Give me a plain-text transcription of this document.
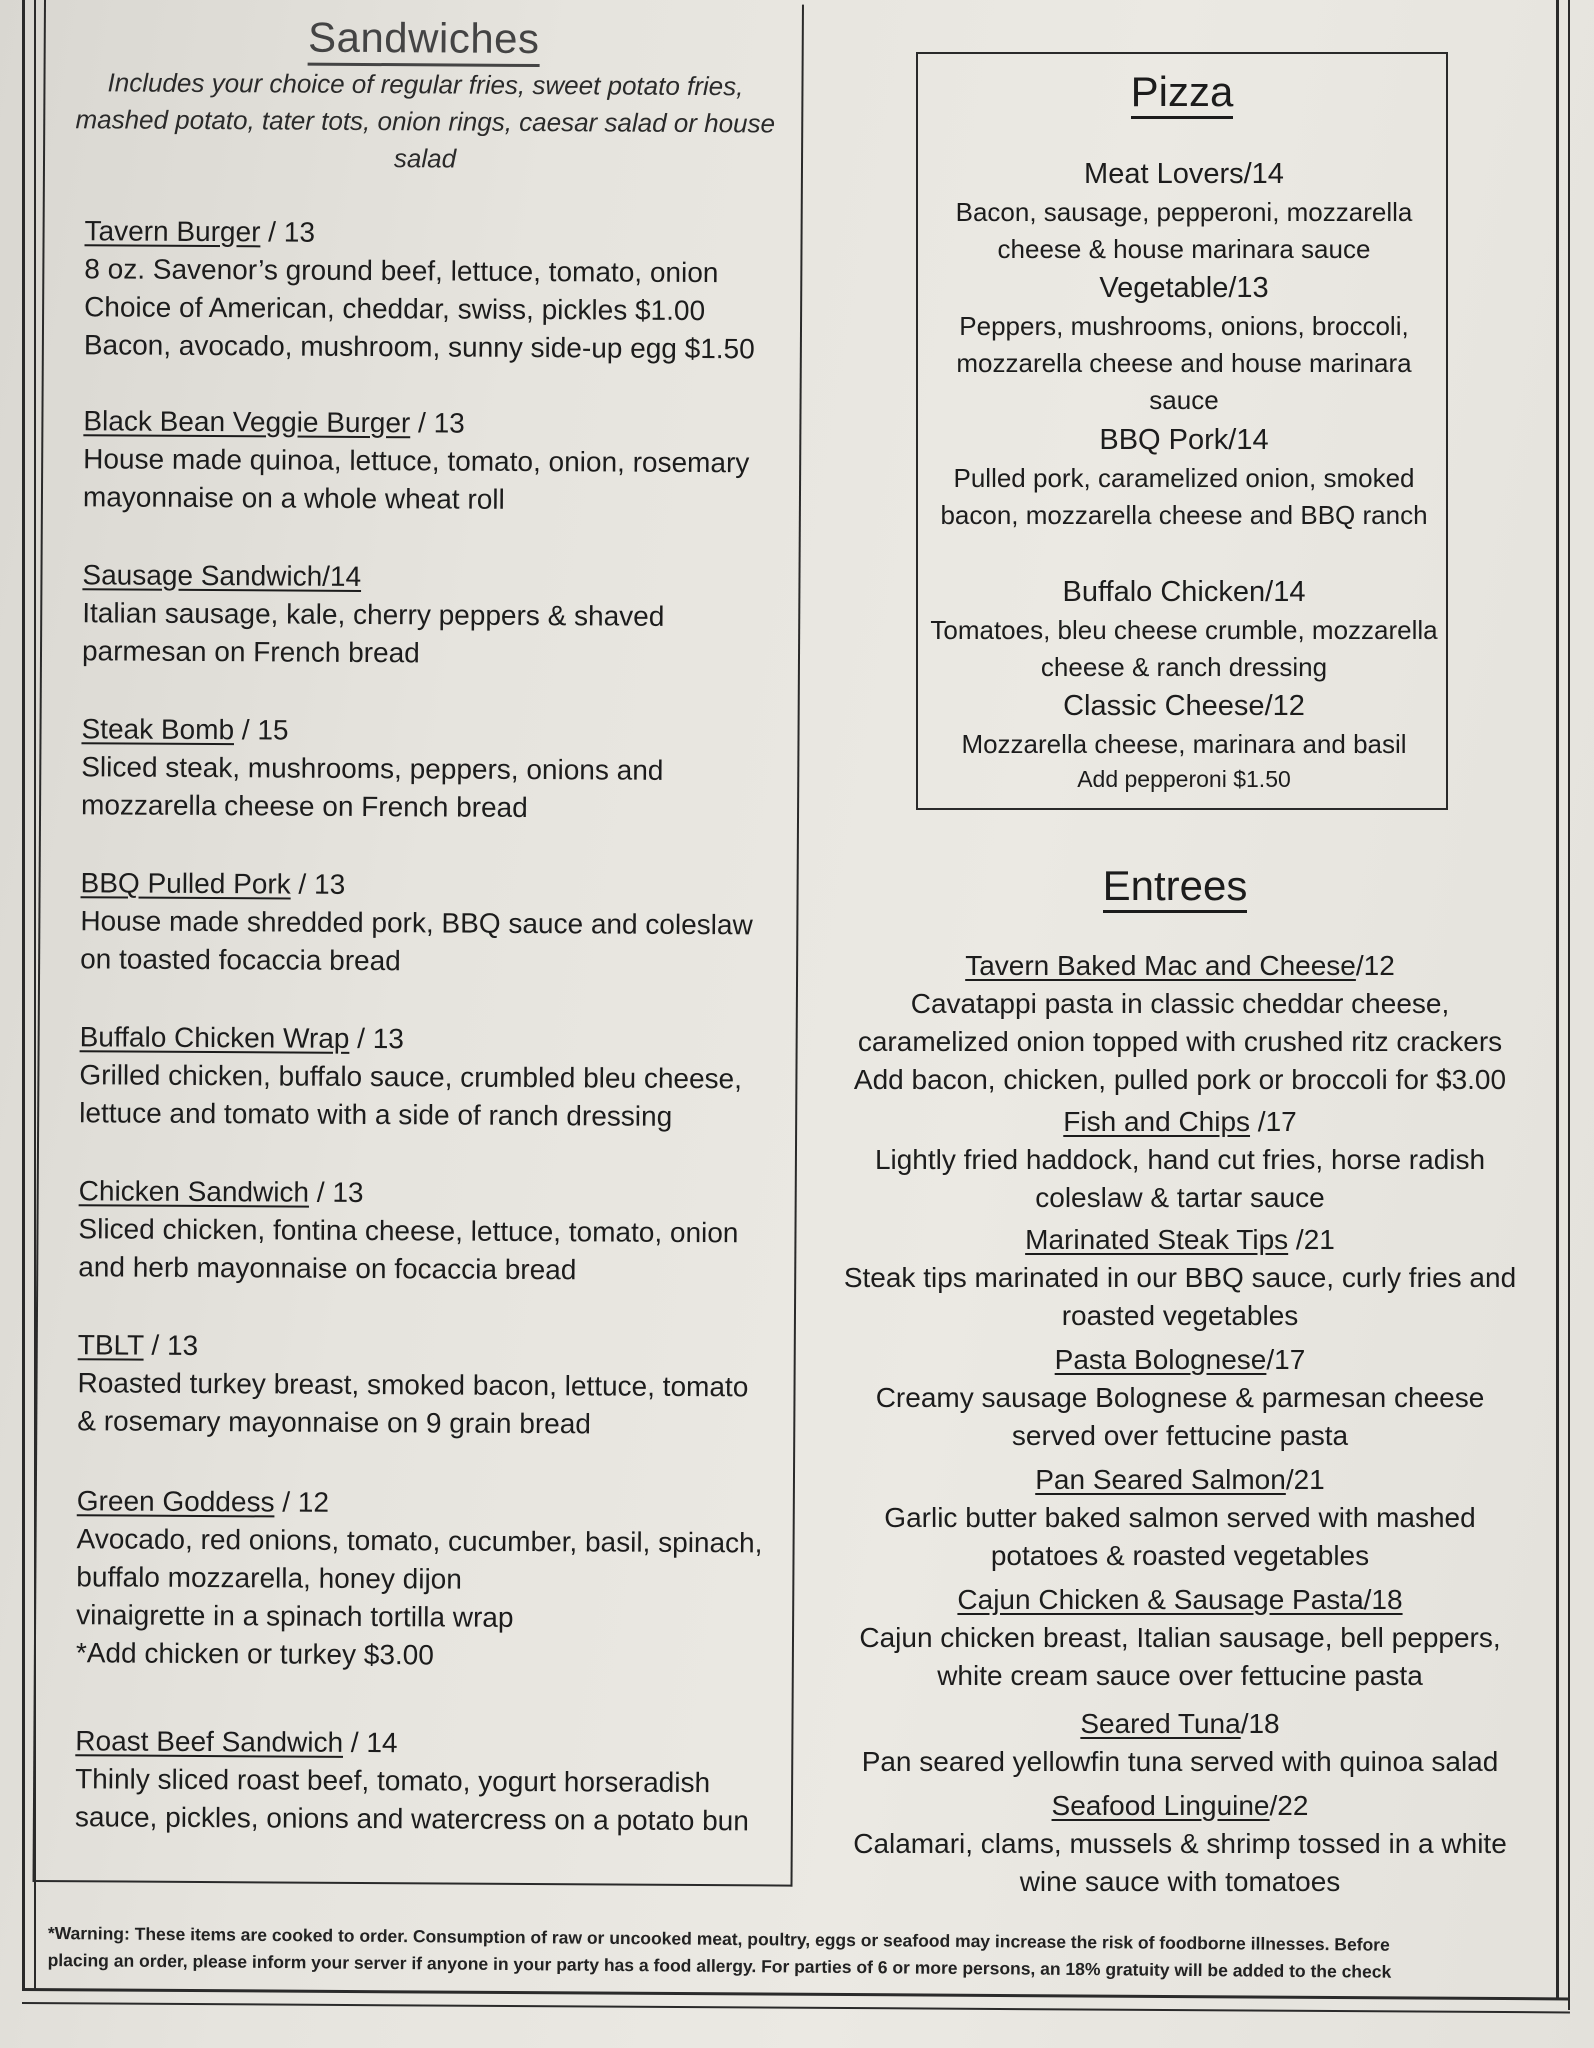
Sandwiches
Includes your choice of regular fries, sweet potato fries, mashed potato, tater tots, onion rings, caesar salad or house salad
Tavern Burger / 13
8 oz. Savenor’s ground beef, lettuce, tomato, onion
Choice of American, cheddar, swiss, pickles $1.00
Bacon, avocado, mushroom, sunny side-up egg $1.50
Black Bean Veggie Burger / 13
House made quinoa, lettuce, tomato, onion, rosemary
mayonnaise on a whole wheat roll
Sausage Sandwich/14
Italian sausage, kale, cherry peppers & shaved
parmesan on French bread
Steak Bomb / 15
Sliced steak, mushrooms, peppers, onions and
mozzarella cheese on French bread
BBQ Pulled Pork / 13
House made shredded pork, BBQ sauce and coleslaw
on toasted focaccia bread
Buffalo Chicken Wrap / 13
Grilled chicken, buffalo sauce, crumbled bleu cheese,
lettuce and tomato with a side of ranch dressing
Chicken Sandwich / 13
Sliced chicken, fontina cheese, lettuce, tomato, onion
and herb mayonnaise on focaccia bread
TBLT / 13
Roasted turkey breast, smoked bacon, lettuce, tomato
& rosemary mayonnaise on 9 grain bread
Green Goddess / 12
Avocado, red onions, tomato, cucumber, basil, spinach,
buffalo mozzarella, honey dijon
vinaigrette in a spinach tortilla wrap
*Add chicken or turkey $3.00
Roast Beef Sandwich / 14
Thinly sliced roast beef, tomato, yogurt horseradish
sauce, pickles, onions and watercress on a potato bun
Pizza
Meat Lovers/14
Bacon, sausage, pepperoni, mozzarella cheese & house marinara sauce
Vegetable/13
Peppers, mushrooms, onions, broccoli, mozzarella cheese and house marinara sauce
BBQ Pork/14
Pulled pork, caramelized onion, smoked bacon, mozzarella cheese and BBQ ranch
Buffalo Chicken/14
Tomatoes, bleu cheese crumble, mozzarella cheese & ranch dressing
Classic Cheese/12
Mozzarella cheese, marinara and basil
Add pepperoni $1.50
Entrees
Tavern Baked Mac and Cheese/12
Cavatappi pasta in classic cheddar cheese,
caramelized onion topped with crushed ritz crackers
Add bacon, chicken, pulled pork or broccoli for $3.00
Fish and Chips /17
Lightly fried haddock, hand cut fries, horse radish
coleslaw & tartar sauce
Marinated Steak Tips /21
Steak tips marinated in our BBQ sauce, curly fries and
roasted vegetables
Pasta Bolognese/17
Creamy sausage Bolognese & parmesan cheese
served over fettucine pasta
Pan Seared Salmon/21
Garlic butter baked salmon served with mashed
potatoes & roasted vegetables
Cajun Chicken & Sausage Pasta/18
Cajun chicken breast, Italian sausage, bell peppers,
white cream sauce over fettucine pasta
Seared Tuna/18
Pan seared yellowfin tuna served with quinoa salad
Seafood Linguine/22
Calamari, clams, mussels & shrimp tossed in a white
wine sauce with tomatoes
*Warning: These items are cooked to order. Consumption of raw or uncooked meat, poultry, eggs or seafood may increase the risk of foodborne illnesses. Before
placing an order, please inform your server if anyone in your party has a food allergy. For parties of 6 or more persons, an 18% gratuity will be added to the check
